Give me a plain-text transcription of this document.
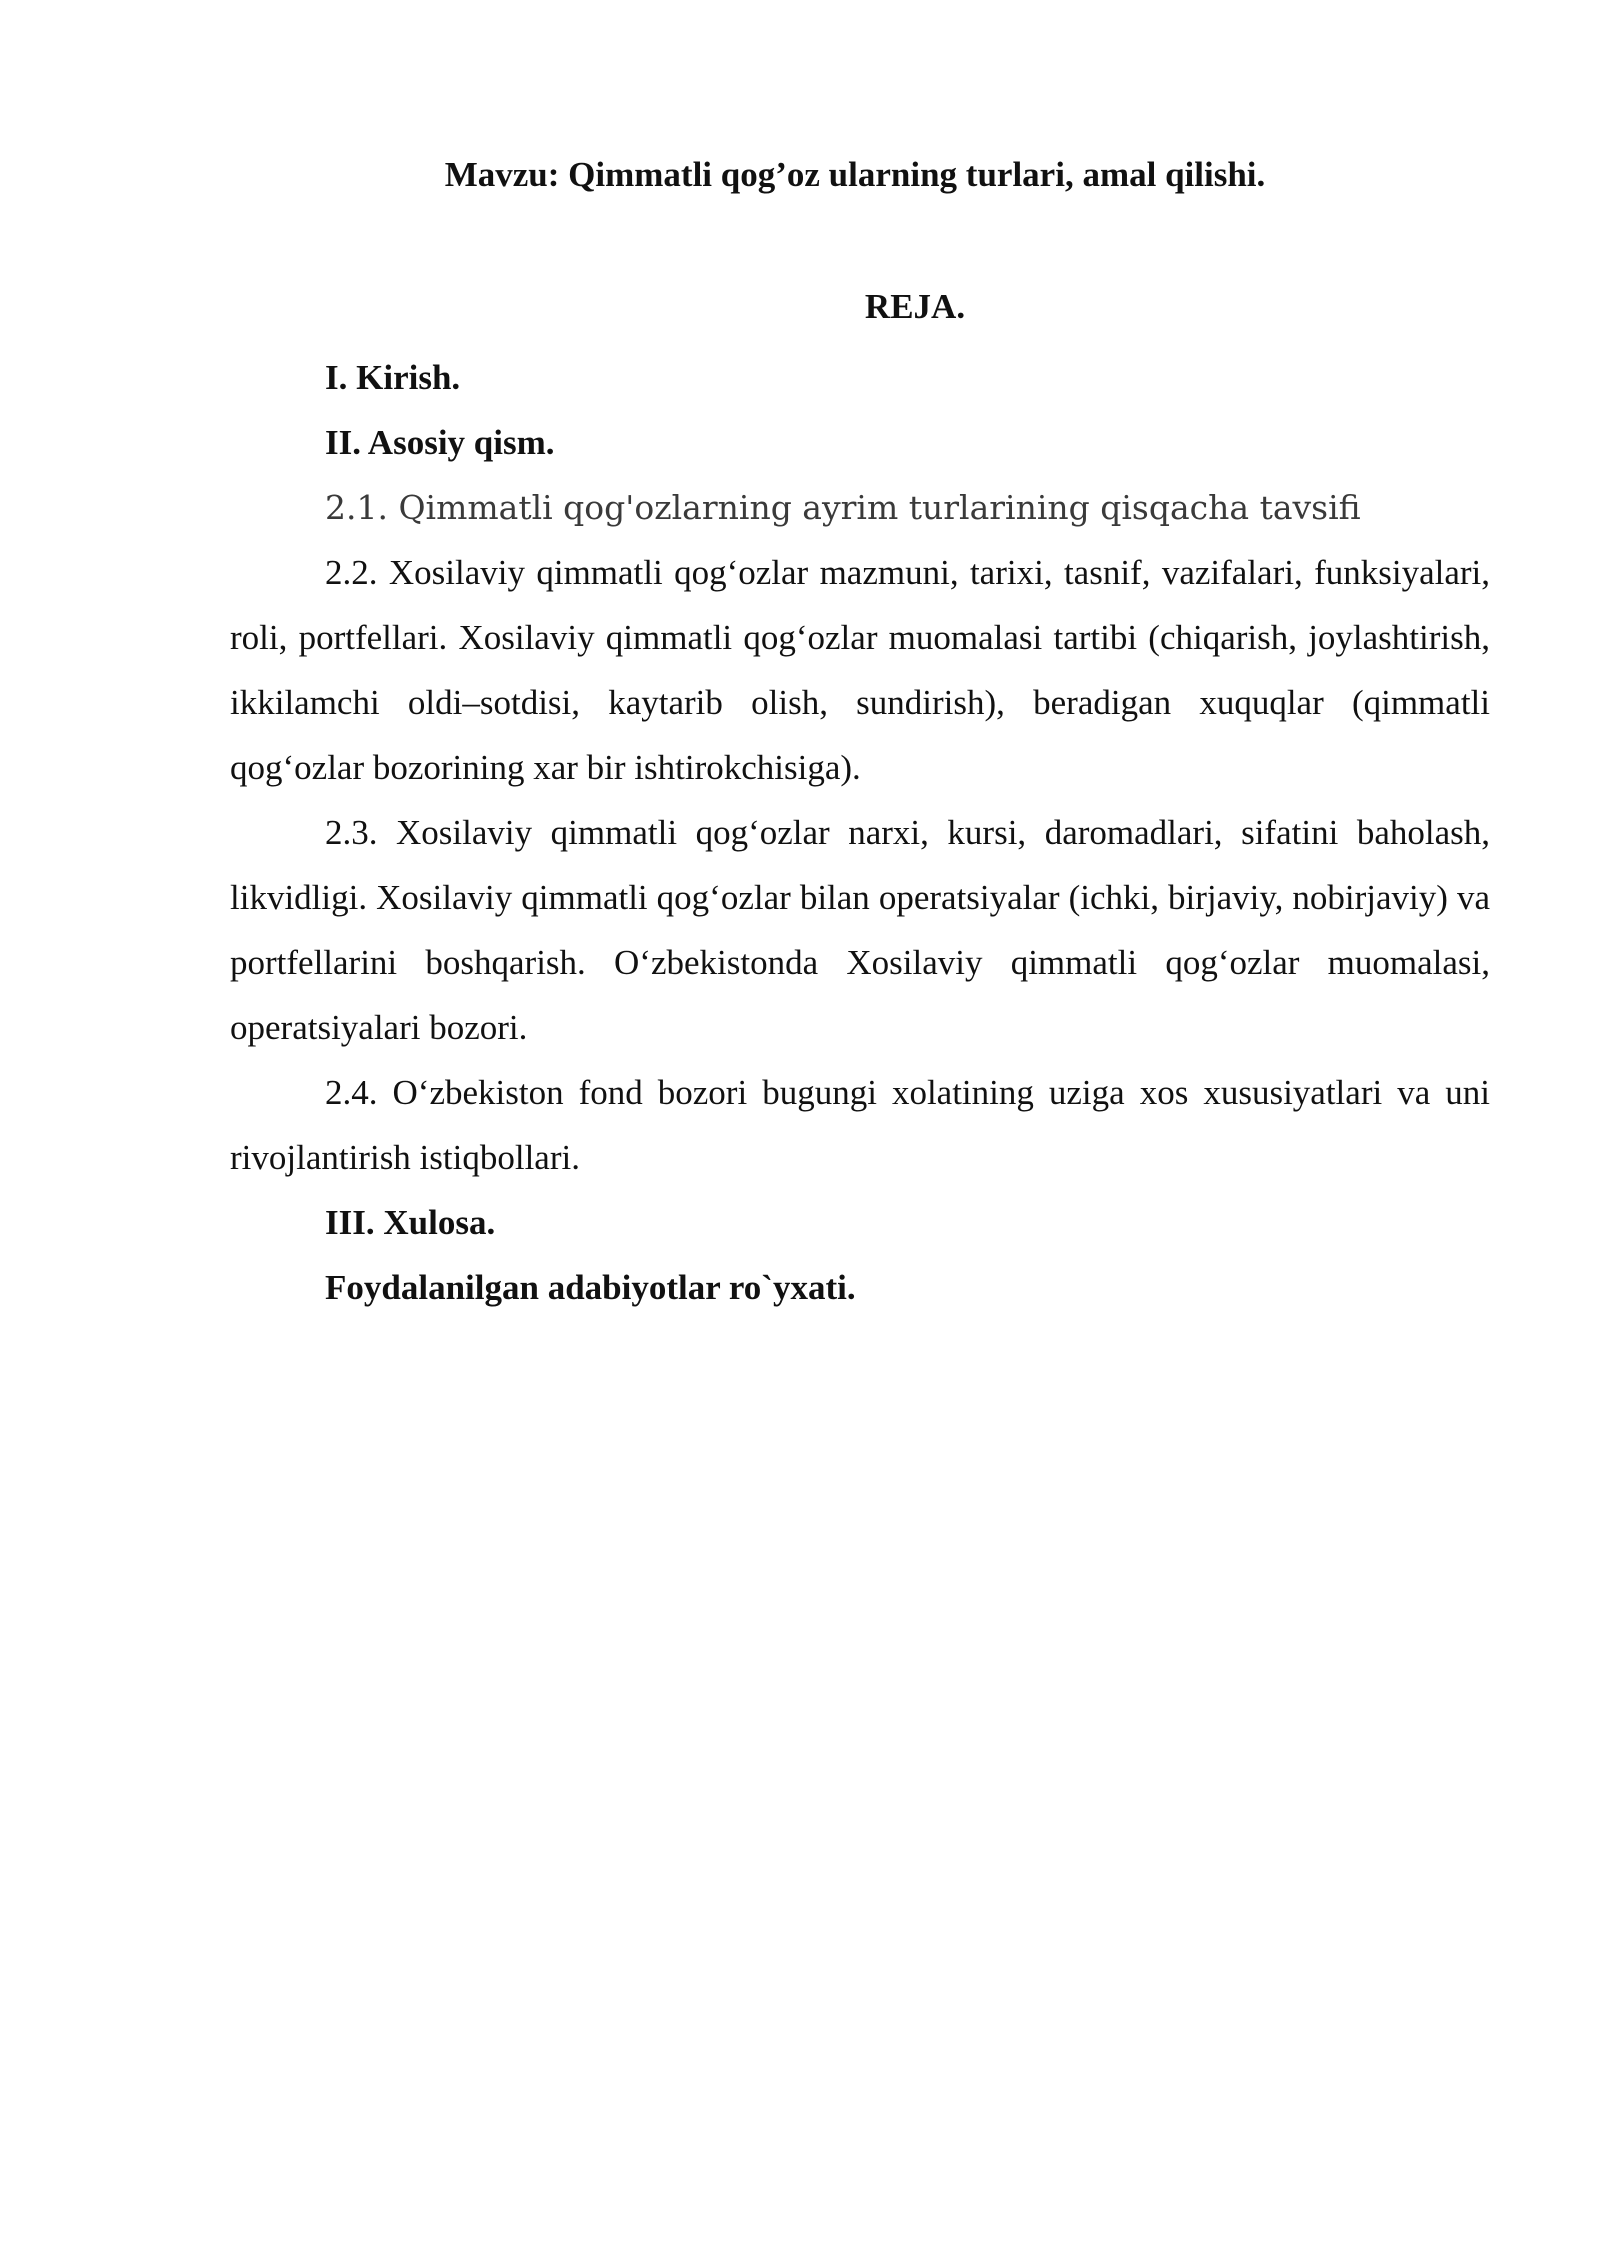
Mavzu: Qimmatli qog’oz ularning turlari, amal qilishi.
REJA.

I. Kirish.

II. Asosiy qism.

2.1. Qimmatli qog'ozlarning ayrim turlarining qisqacha tavsifi

2.2. Xosilaviy qimmatli qog‘ozlar mazmuni, tarixi, tasnif, vazifalari, funksiyalari, roli, portfellari. Xosilaviy qimmatli qog‘ozlar muomalasi tartibi (chiqarish, joylashtirish, ikkilamchi oldi–sotdisi, kaytarib olish, sundirish), beradigan xuquqlar (qimmatli qog‘ozlar bozorining xar bir ishtirokchisiga).

2.3. Xosilaviy qimmatli qog‘ozlar narxi, kursi, daromadlari, sifatini baholash, likvidligi. Xosilaviy qimmatli qog‘ozlar bilan operatsiyalar (ichki, birjaviy, nobirjaviy) va portfellarini boshqarish. O‘zbekistonda Xosilaviy qimmatli qog‘ozlar muomalasi, operatsiyalari bozori.

2.4. O‘zbekiston fond bozori bugungi xolatining uziga xos xususiyatlari va uni rivojlantirish istiqbollari.

III. Xulosa.

Foydalanilgan adabiyotlar ro`yxati.
